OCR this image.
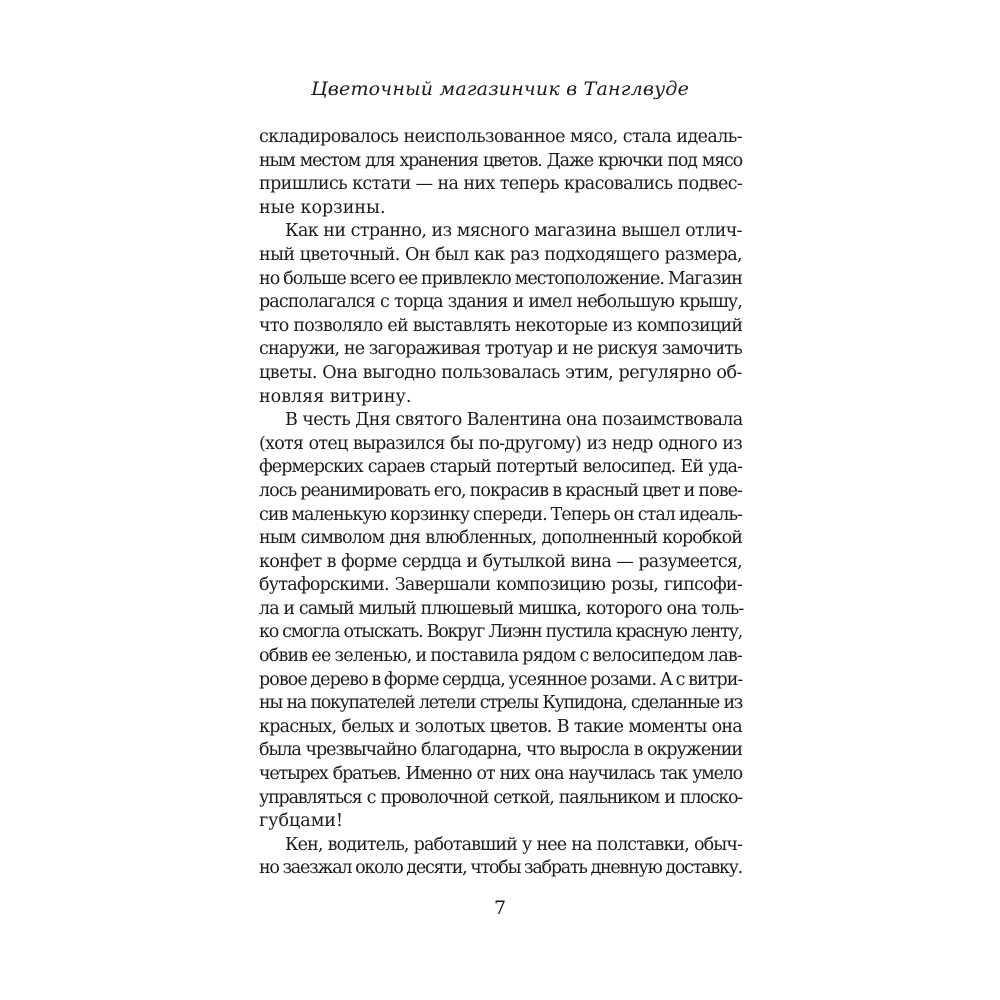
Цветочный магазинчик в Танглвуде
складировалось неиспользованное мясо, стала идеаль-
ным местом для хранения цветов. Даже крючки под мясо
пришлись кстати — на них теперь красовались подвес-
ные корзины.
Как ни странно, из мясного магазина вышел отлич-
ный цветочный. Он был как раз подходящего размера,
но больше всего ее привлекло местоположение. Магазин
располагался с торца здания и имел небольшую крышу,
что позволяло ей выставлять некоторые из композиций
снаружи, не загораживая тротуар и не рискуя замочить
цветы. Она выгодно пользовалась этим, регулярно об-
новляя витрину.
В честь Дня святого Валентина она позаимствовала
(хотя отец выразился бы по-другому) из недр одного из
фермерских сараев старый потертый велосипед. Ей уда-
лось реанимировать его, покрасив в красный цвет и пове-
сив маленькую корзинку спереди. Теперь он стал идеаль-
ным символом дня влюбленных, дополненный коробкой
конфет в форме сердца и бутылкой вина — разумеется,
бутафорскими. Завершали композицию розы, гипсофи-
ла и самый милый плюшевый мишка, которого она толь-
ко смогла отыскать. Вокруг Лиэнн пустила красную ленту,
обвив ее зеленью, и поставила рядом с велосипедом лав-
ровое дерево в форме сердца, усеянное розами. А с витри-
ны на покупателей летели стрелы Купидона, сделанные из
красных, белых и золотых цветов. В такие моменты она
была чрезвычайно благодарна, что выросла в окружении
четырех братьев. Именно от них она научилась так умело
управляться с проволочной сеткой, паяльником и плоско-
губцами!
Кен, водитель, работавший у нее на полставки, обыч-
но заезжал около десяти, чтобы забрать дневную доставку.
7
